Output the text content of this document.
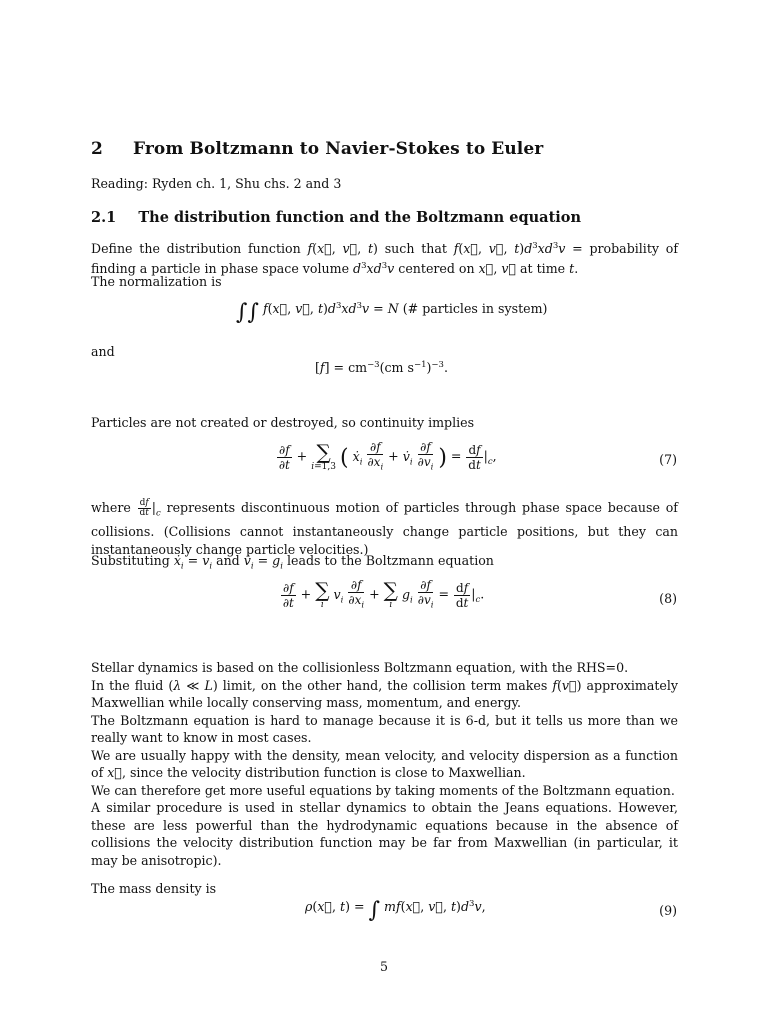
2 From Boltzmann to Navier-Stokes to Euler
Reading: Ryden ch. 1, Shu chs. 2 and 3
2.1 The distribution function and the Boltzmann equation
Define the distribution function f(x⃗, v⃗, t) such that f(x⃗, v⃗, $t)d^3xd^3v$ = probability of finding a particle in phase space volume $d^3xd^3v$ centered on x⃗, v⃗ at time t.
The normalization is
∫∫ f(x⃗, v⃗, $t)d^3xd^3v = N$ (# particles in system)
and
$[f] = cm^{-3}(cm$ $s^{-1})^{-3}$.
Particles are not created or destroyed, so continuity implies
$\frac{\partial f}{\partial t}$ + ∑
i=1,3 ( ẋ$_i$ $\frac{\partial f}{\partial x_i}$ + $v̇_i \frac{\partial f}{\partial v_i}$ ) = $\frac{df}{dt} |_c$,	(7)
where $\frac{df}{dt} |_c$ represents discontinuous motion of particles through phase space because of collisions. (Collisions cannot instantaneously change particle positions, but they can instantaneously change particle velocities.)
Substituting ẋ$_i$ = $v_i$ and $v̇_i = g_i$ leads to the Boltzmann equation
$\frac{\partial f}{\partial t}$ + ∑
i
$v_i \frac{\partial f}{\partial x_i}$ + ∑
i
$g_i \frac{\partial f}{\partial v_i} = \frac{df}{dt} |_c$.	(8)
Stellar dynamics is based on the collisionless Boltzmann equation, with the RHS=0.
In the fluid (λ ≪ L) limit, on the other hand, the collision term makes f(v⃗) approximately Maxwellian while locally conserving mass, momentum, and energy.
The Boltzmann equation is hard to manage because it is 6-d, but it tells us more than we really want to know in most cases.
We are usually happy with the density, mean velocity, and velocity dispersion as a function of x⃗, since the velocity distribution function is close to Maxwellian.
We can therefore get more useful equations by taking moments of the Boltzmann equation.
A similar procedure is used in stellar dynamics to obtain the Jeans equations. However, these are less powerful than the hydrodynamic equations because in the absence of collisions the velocity distribution function may be far from Maxwellian (in particular, it may be anisotropic).
The mass density is
ρ(x⃗, t) = ∫ mf(x⃗, v⃗, $t)d^3v$,	(9)
5
